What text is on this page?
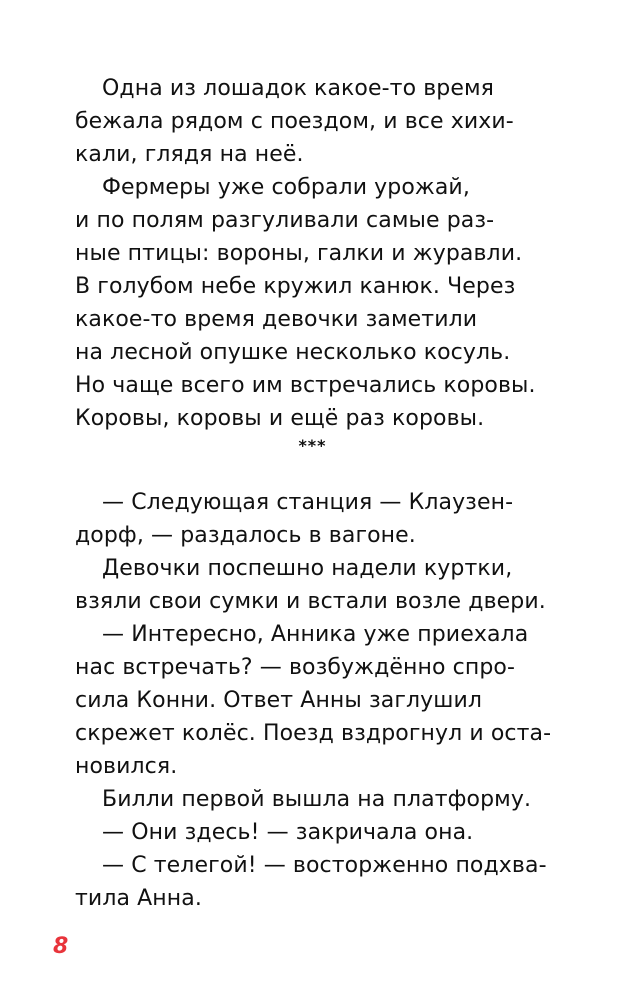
Одна из лошадок какое-то время
бежала рядом с поездом, и все хихи-
кали, глядя на неё.
Фермеры уже собрали урожай,
и по полям разгуливали самые раз-
ные птицы: вороны, галки и журавли.
В голубом небе кружил канюк. Через
какое-то время девочки заметили
на лесной опушке несколько косуль.
Но чаще всего им встречались коровы.
Коровы, коровы и ещё раз коровы.
***
— Следующая станция — Клаузен-
дорф, — раздалось в вагоне.
Девочки поспешно надели куртки,
взяли свои сумки и встали возле двери.
— Интересно, Анника уже приехала
нас встречать? — возбуждённо спро-
сила Конни. Ответ Анны заглушил
скрежет колёс. Поезд вздрогнул и оста-
новился.
Билли первой вышла на платформу.
— Они здесь! — закричала она.
— С телегой! — восторженно подхва-
тила Анна.
8
